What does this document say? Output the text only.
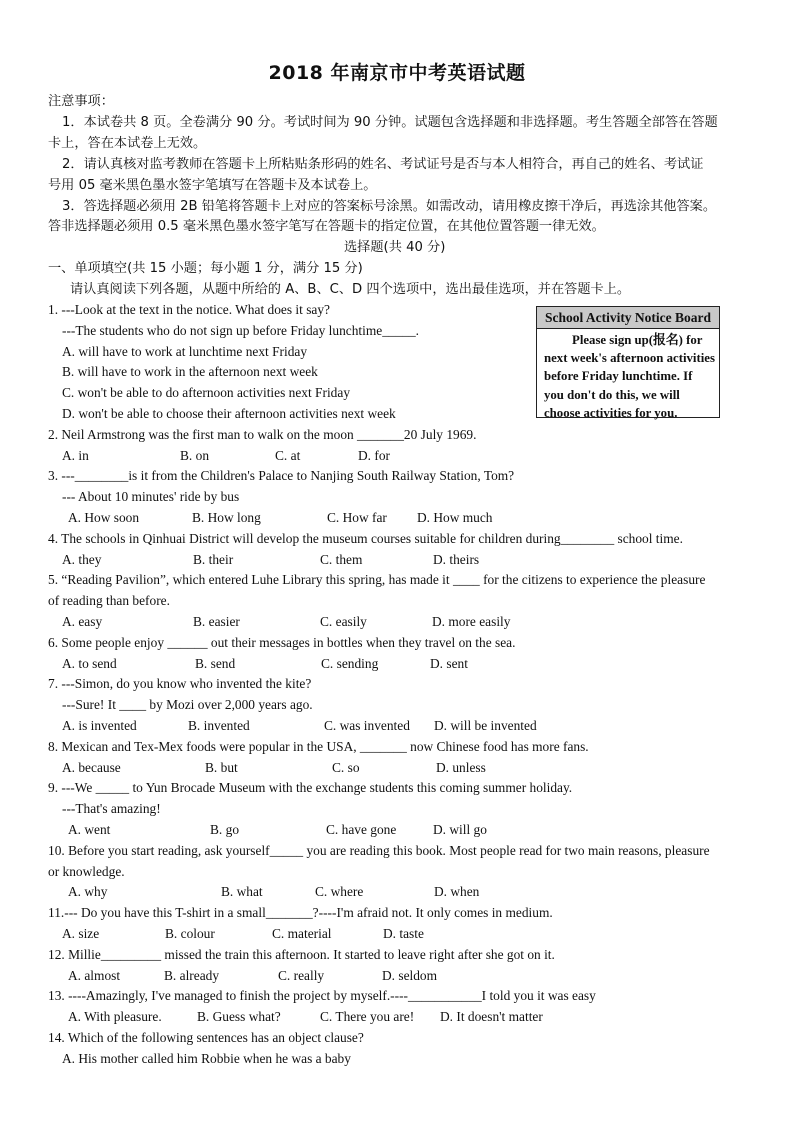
2018 年南京市中考英语试题
注意事项：
1．本试卷共 8 页。全卷满分 90 分。考试时间为 90 分钟。试题包含选择题和非选择题。考生答题全部答在答题
卡上，答在本试卷上无效。
2．请认真核对监考教师在答题卡上所粘贴条形码的姓名、考试证号是否与本人相符合，再自己的姓名、考试证
号用 05 毫米黑色墨水签字笔填写在答题卡及本试卷上。
3．答选择题必须用 2B 铅笔将答题卡上对应的答案标号涂黑。如需改动，请用橡皮擦干净后，再选涂其他答案。
答非选择题必须用 0.5 毫米黑色墨水签字笔写在答题卡的指定位置，在其他位置答题一律无效。
选择题(共 40 分)
一、单项填空(共 15 小题；每小题 1 分，满分 15 分)
请认真阅读下列各题，从题中所给的 A、B、C、D 四个选项中，选出最佳选项，并在答题卡上。
School Activity Notice Board
Please sign up(报名) for
next week's afternoon activities
before Friday lunchtime. If
you don't do this, we will
choose activities for you.
1. ---Look at the text in the notice. What does it say?
---The students who do not sign up before Friday lunchtime_____.
A. will have to work at lunchtime next Friday
B. will have to work in the afternoon next week
C. won't be able to do afternoon activities next Friday
D. won't be able to choose their afternoon activities next week
2. Neil Armstrong was the first man to walk on the moon _______20 July 1969.
A. in	B. on	C. at	D. for
3. ---________is it from the Children's Palace to Nanjing South Railway Station, Tom?
--- About 10 minutes' ride by bus
A. How soon	B. How long	C. How far D. How much
4. The schools in Qinhuai District will develop the museum courses suitable for children during________ school time.
A. they	B. their	C. them	D. theirs
5. “Reading Pavilion”, which entered Luhe Library this spring, has made it ____ for the citizens to experience the pleasure
of reading than before.
A. easy	B. easier	C. easily	D. more easily
6. Some people enjoy ______ out their messages in bottles when they travel on the sea.
A. to send	B. send	C. sending	D. sent
7. ---Simon, do you know who invented the kite?
---Sure! It ____ by Mozi over 2,000 years ago.
A. is invented	B. invented	C. was invented D. will be invented
8. Mexican and Tex-Mex foods were popular in the USA, _______ now Chinese food has more fans.
A. because	B. but	C. so	D. unless
9. ---We _____ to Yun Brocade Museum with the exchange students this coming summer holiday.
---That's amazing!
A. went	B. go	C. have gone	D. will go
10. Before you start reading, ask yourself_____ you are reading this book. Most people read for two main reasons, pleasure
or knowledge.
A. why	B. what	C. where	D. when
11.--- Do you have this T-shirt in a small_______?----I'm afraid not. It only comes in medium.
A. size	B. colour	C. material	D. taste
12. Millie_________ missed the train this afternoon. It started to leave right after she got on it.
A. almost	B. already	C. really	D. seldom
13. ----Amazingly, I've managed to finish the project by myself.----___________I told you it was easy
A. With pleasure.	B. Guess what?	C. There you are! D. It doesn't matter
14. Which of the following sentences has an object clause?
A. His mother called him Robbie when he was a baby
